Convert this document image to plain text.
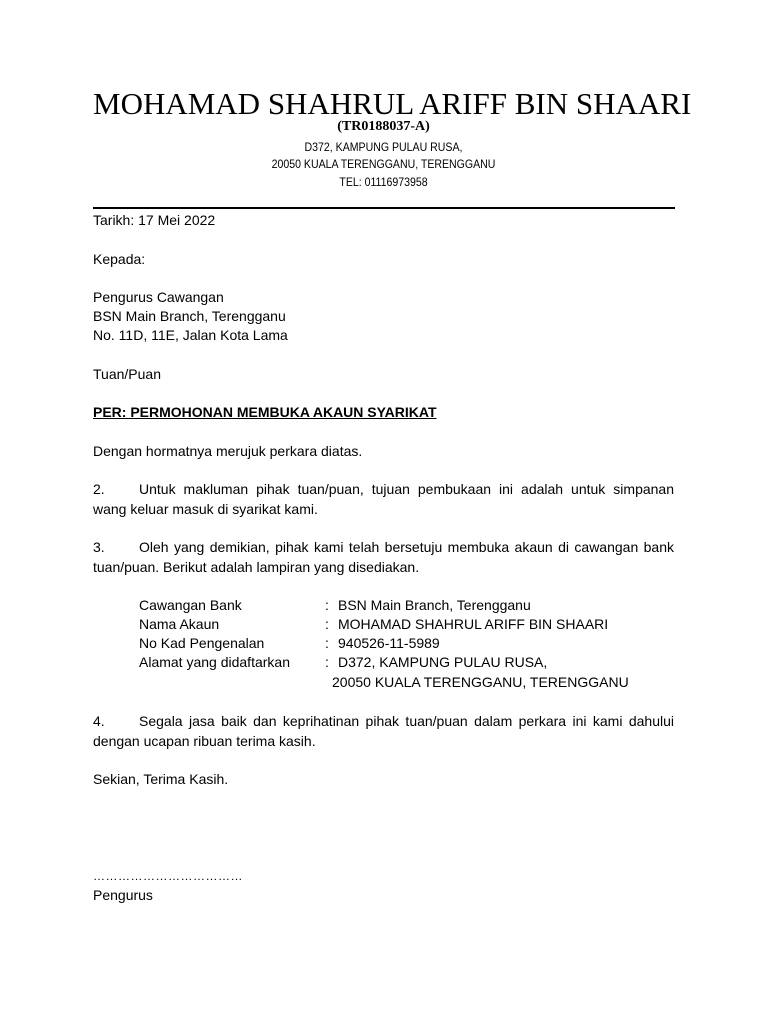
MOHAMAD SHAHRUL ARIFF BIN SHAARI
(TR0188037-A)
D372, KAMPUNG PULAU RUSA,
20050 KUALA TERENGGANU, TERENGGANU
TEL: 01116973958
Tarikh: 17 Mei 2022
Kepada:
Pengurus Cawangan
BSN Main Branch, Terengganu
No. 11D, 11E, Jalan Kota Lama
Tuan/Puan
PER: PERMOHONAN MEMBUKA AKAUN SYARIKAT
Dengan hormatnya merujuk perkara diatas.
2. Untuk makluman pihak tuan/puan, tujuan pembukaan ini adalah untuk simpanan wang keluar masuk di syarikat kami.
3. Oleh yang demikian, pihak kami telah bersetuju membuka akaun di cawangan bank tuan/puan. Berikut adalah lampiran yang disediakan.
Cawangan Bank	: BSN Main Branch, Terengganu
Nama Akaun	: MOHAMAD SHAHRUL ARIFF BIN SHAARI
No Kad Pengenalan	: 940526-11-5989
Alamat yang didaftarkan	: D372, KAMPUNG PULAU RUSA,
20050 KUALA TERENGGANU, TERENGGANU
4. Segala jasa baik dan keprihatinan pihak tuan/puan dalam perkara ini kami dahului dengan ucapan ribuan terima kasih.
Sekian, Terima Kasih.
………………………………
Pengurus
